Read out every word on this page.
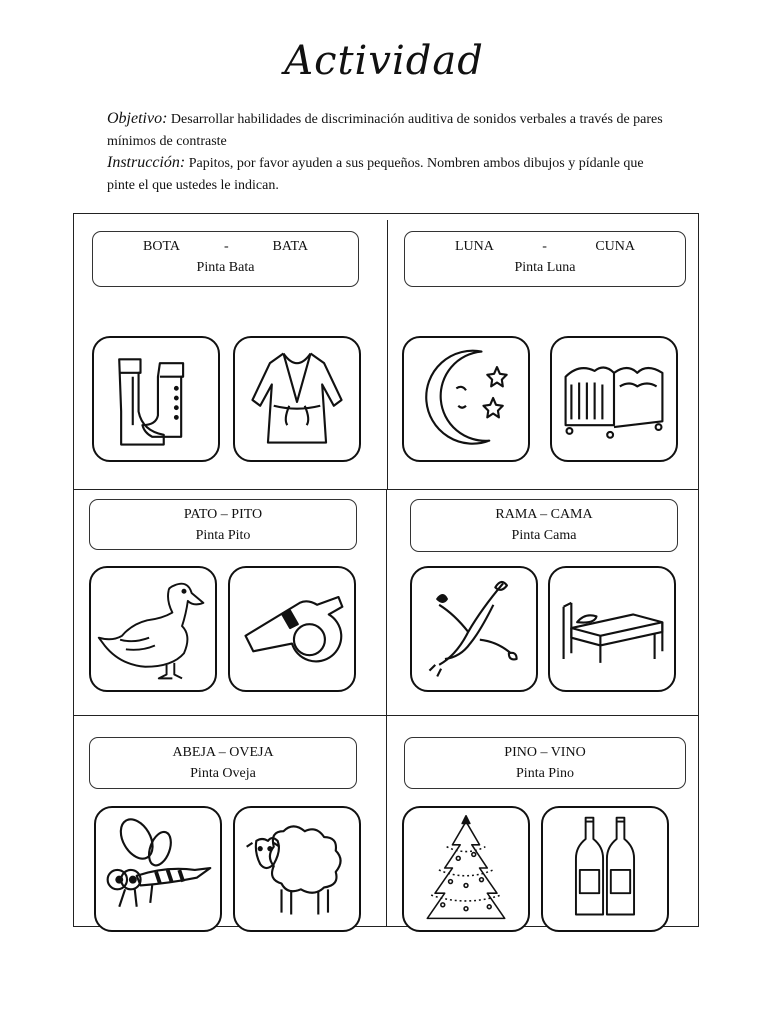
Actividad
Objetivo: Desarrollar habilidades de discriminación auditiva de sonidos verbales a través de pares mínimos de contraste
Instrucción: Papitos, por favor ayuden a sus pequeños. Nombren ambos dibujos y pídanle que pinte el que ustedes le indican.
BOTA	-	BATA
Pinta Bata
LUNA	-	CUNA
Pinta Luna
PATO – PITO
Pinta Pito
RAMA – CAMA
Pinta Cama
ABEJA – OVEJA
Pinta Oveja
PINO – VINO
Pinta Pino
